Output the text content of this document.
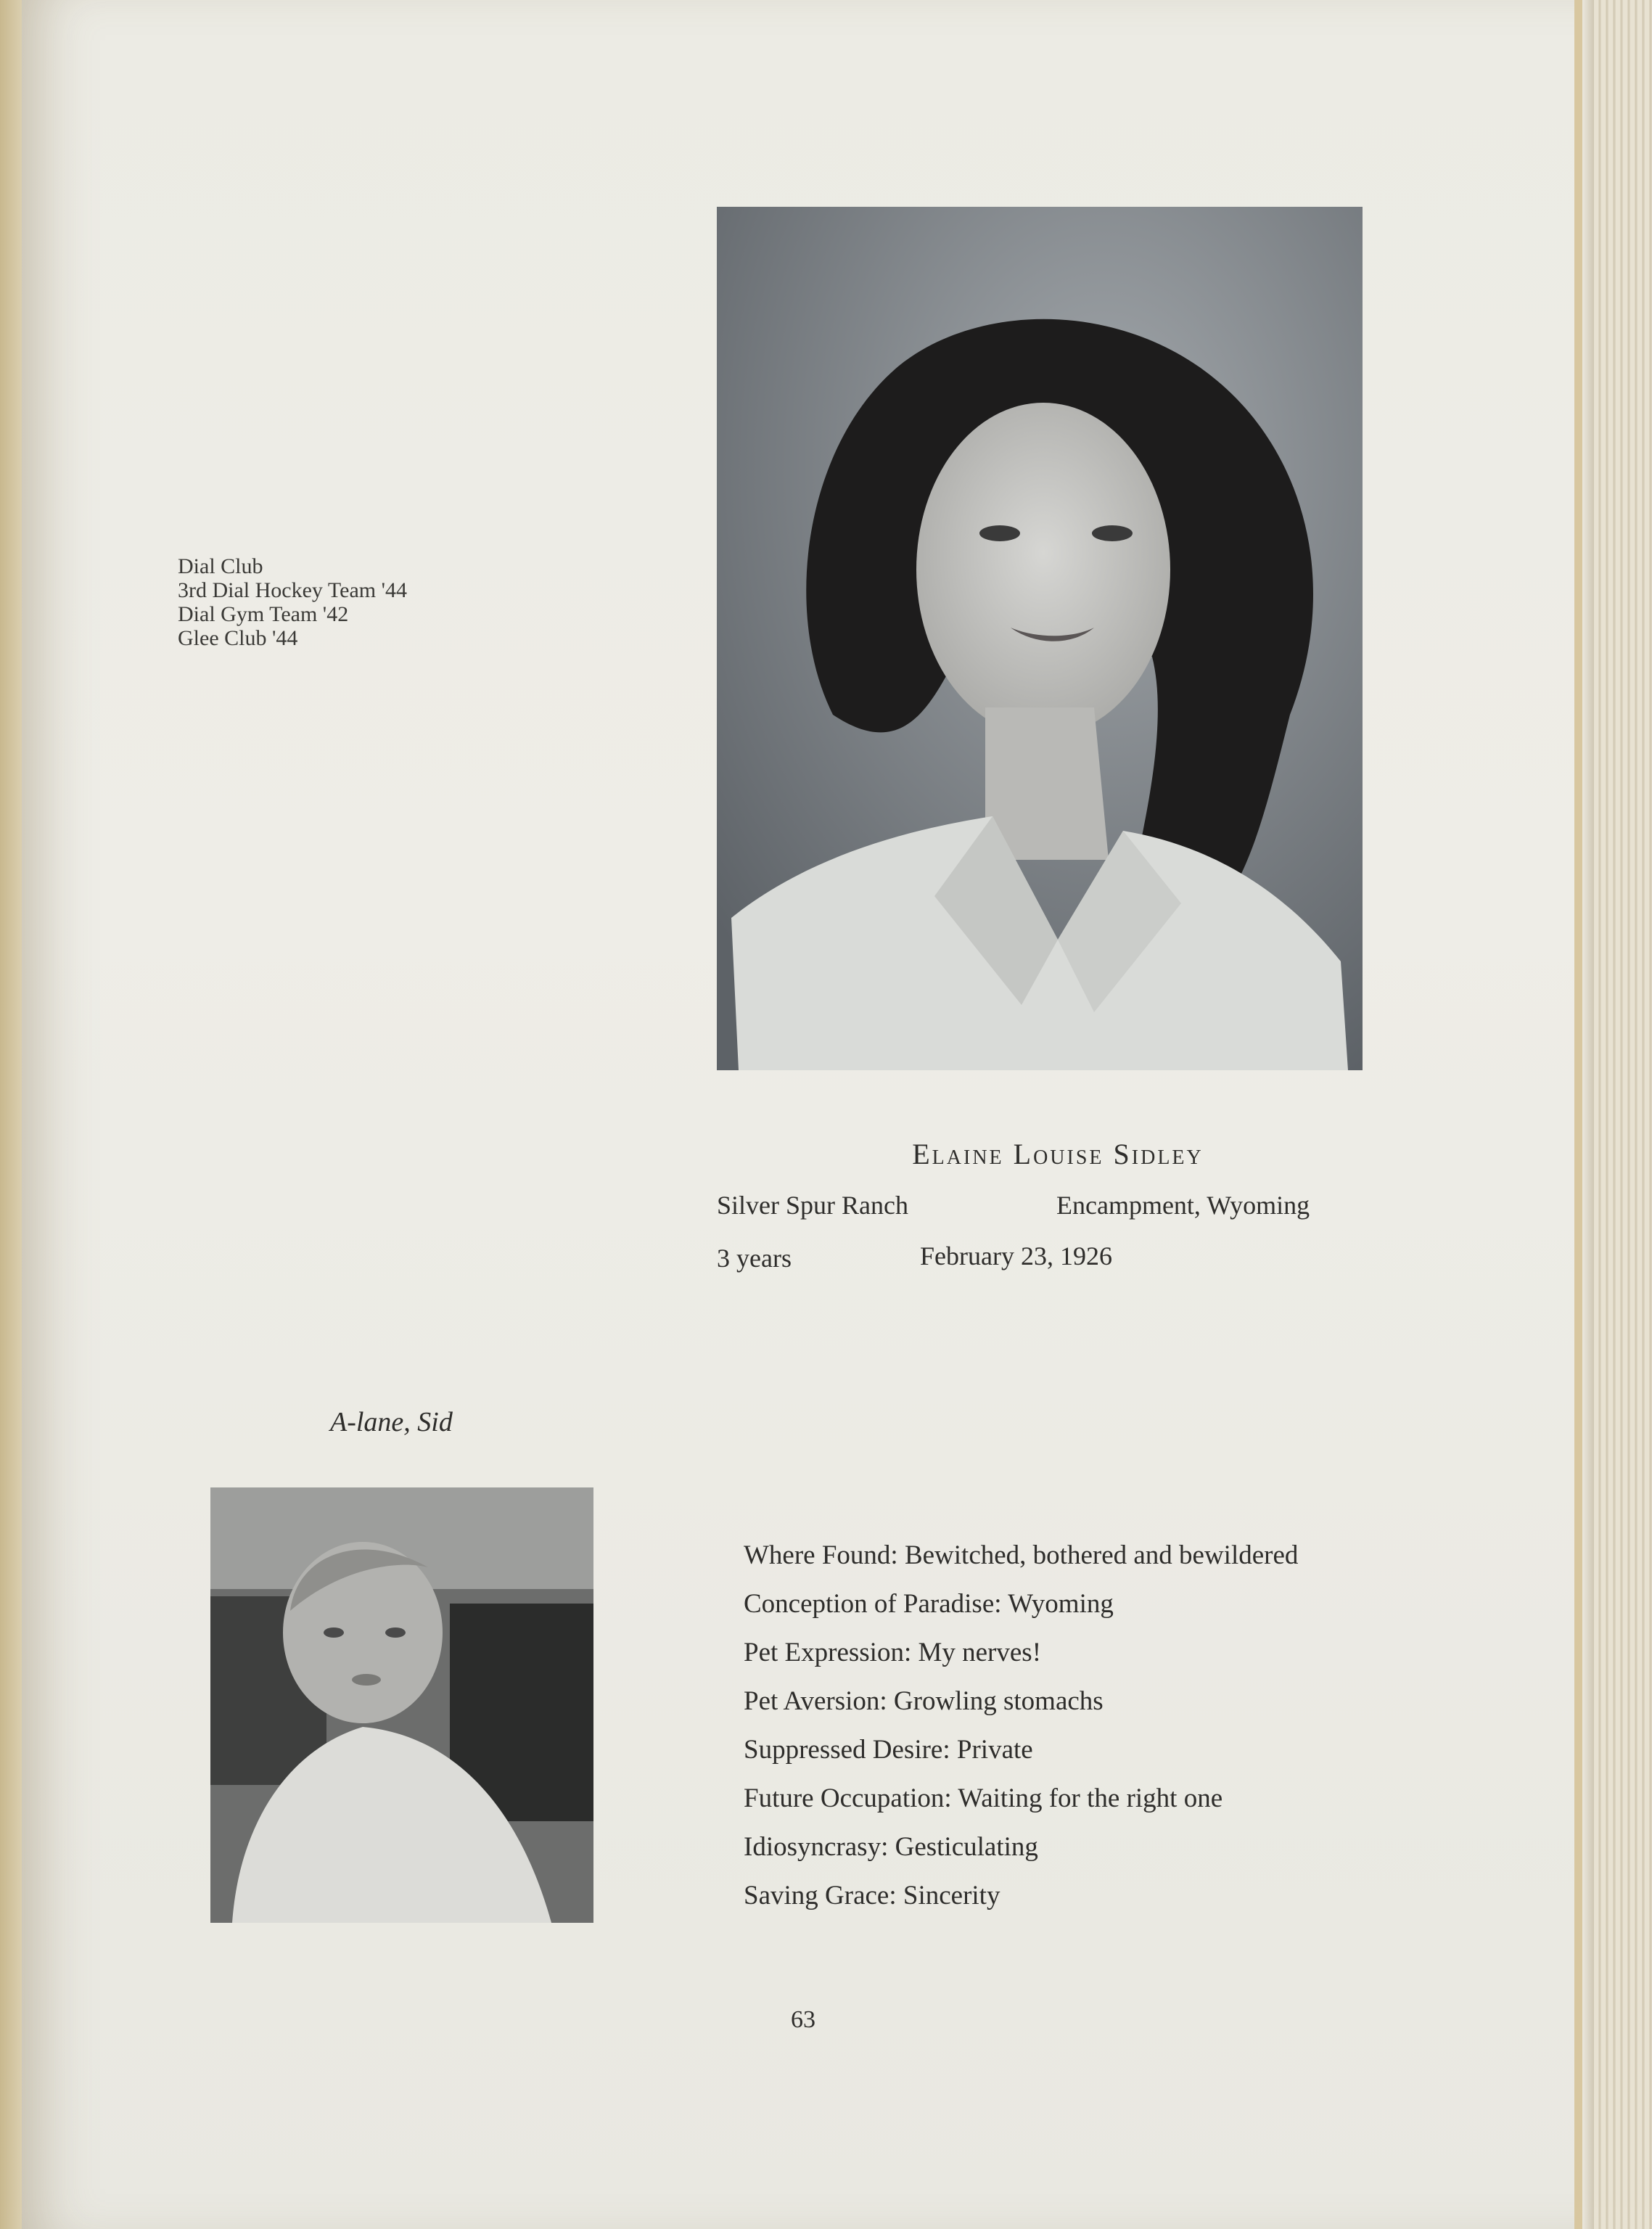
Dial Club
3rd Dial Hockey Team '44
Dial Gym Team '42
Glee Club '44
Elaine Louise Sidley
Silver Spur Ranch	Encampment, Wyoming
3 years	February 23, 1926
A-lane, Sid
Where Found: Bewitched, bothered and bewildered
Conception of Paradise: Wyoming
Pet Expression: My nerves!
Pet Aversion: Growling stomachs
Suppressed Desire: Private
Future Occupation: Waiting for the right one
Idiosyncrasy: Gesticulating
Saving Grace: Sincerity
63
